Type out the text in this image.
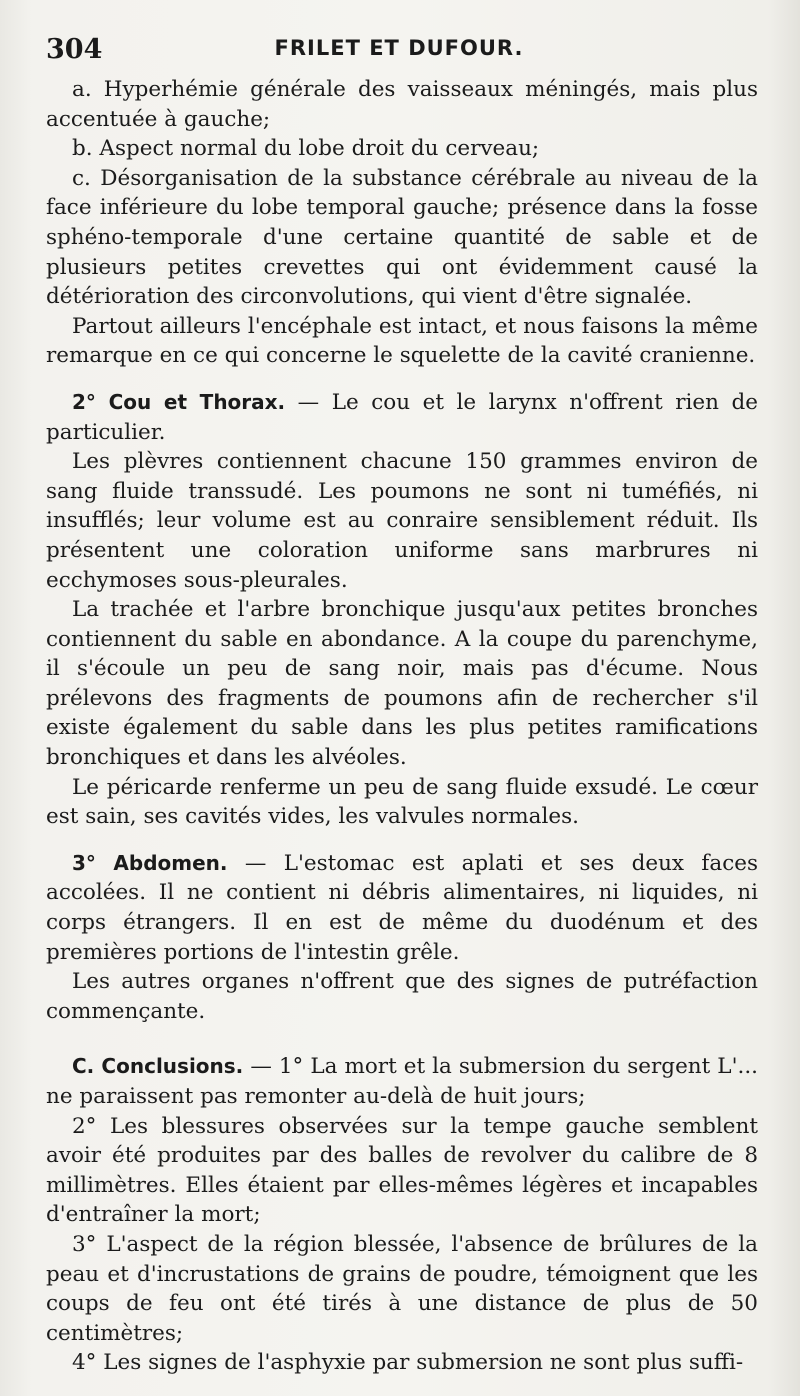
304	FRILET ET DUFOUR.

a. Hyperhémie générale des vaisseaux méningés, mais plus accentuée à gauche;

b. Aspect normal du lobe droit du cerveau;

c. Désorganisation de la substance cérébrale au niveau de la face inférieure du lobe temporal gauche; présence dans la fosse sphéno-temporale d'une certaine quantité de sable et de plusieurs petites crevettes qui ont évidemment causé la détérioration des circonvolutions, qui vient d'être signalée.

Partout ailleurs l'encéphale est intact, et nous faisons la même remarque en ce qui concerne le squelette de la cavité cranienne.

2° Cou et Thorax. — Le cou et le larynx n'offrent rien de particulier.

Les plèvres contiennent chacune 150 grammes environ de sang fluide transsudé. Les poumons ne sont ni tuméfiés, ni insufflés; leur volume est au conraire sensiblement réduit. Ils présentent une coloration uniforme sans marbrures ni ecchymoses sous-pleurales.

La trachée et l'arbre bronchique jusqu'aux petites bronches contiennent du sable en abondance. A la coupe du parenchyme, il s'écoule un peu de sang noir, mais pas d'écume. Nous prélevons des fragments de poumons afin de rechercher s'il existe également du sable dans les plus petites ramifications bronchiques et dans les alvéoles.

Le péricarde renferme un peu de sang fluide exsudé. Le cœur est sain, ses cavités vides, les valvules normales.

3° Abdomen. — L'estomac est aplati et ses deux faces accolées. Il ne contient ni débris alimentaires, ni liquides, ni corps étrangers. Il en est de même du duodénum et des premières portions de l'intestin grêle.

Les autres organes n'offrent que des signes de putréfaction commençante.

C. Conclusions. — 1° La mort et la submersion du sergent L'... ne paraissent pas remonter au-delà de huit jours;

2° Les blessures observées sur la tempe gauche semblent avoir été produites par des balles de revolver du calibre de 8 millimètres. Elles étaient par elles-mêmes légères et incapables d'entraîner la mort;

3° L'aspect de la région blessée, l'absence de brûlures de la peau et d'incrustations de grains de poudre, témoignent que les coups de feu ont été tirés à une distance de plus de 50 centimètres;

4° Les signes de l'asphyxie par submersion ne sont plus suffi-
